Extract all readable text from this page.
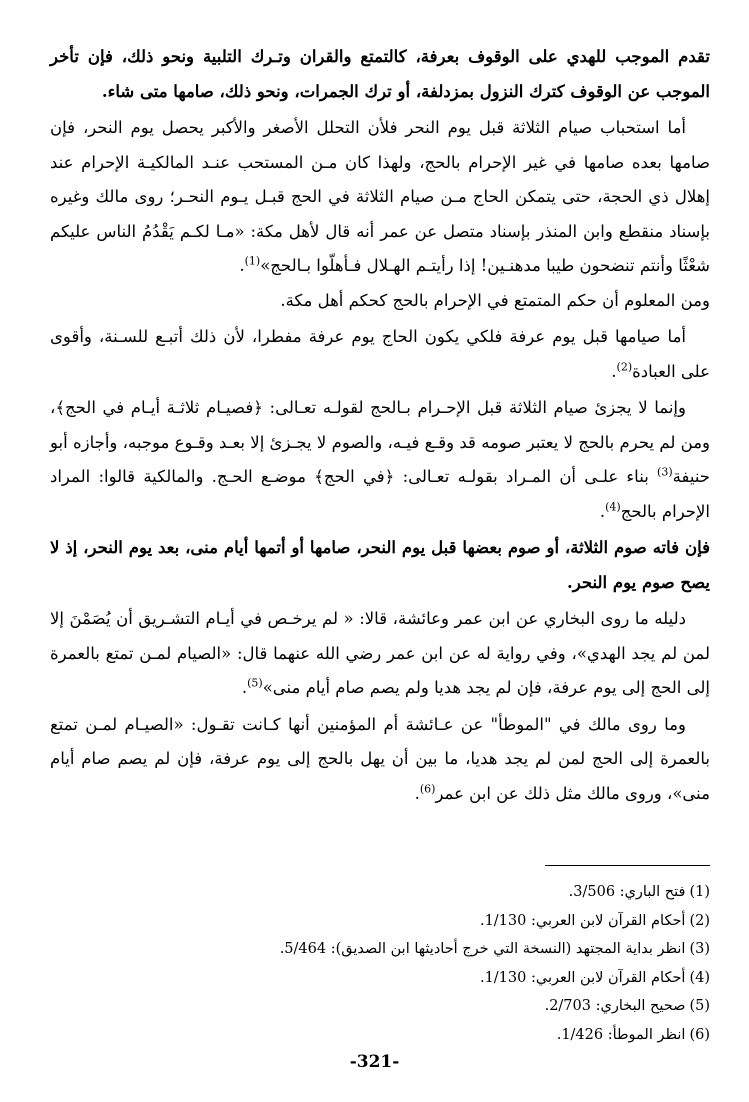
تقدم الموجب للهدي على الوقوف بعرفة، كالتمتع والقران وتـرك التلبية ونحو ذلك، فإن تأخر الموجب عن الوقوف كترك النزول بمزدلفة، أو ترك الجمرات، ونحو ذلك، صامها متى شاء.

أما استحباب صيام الثلاثة قبل يوم النحر فلأن التحلل الأصغر والأكبر يحصل يوم النحر، فإن صامها بعده صامها في غير الإحرام بالحج، ولهذا كان مـن المستحب عنـد المالكيـة الإحرام عند إهلال ذي الحجة، حتى يتمكن الحاج مـن صيام الثلاثة في الحج قبـل يـوم النحـر؛ روى مالك وغيره بإسناد منقطع وابن المنذر بإسناد متصل عن عمر أنه قال لأهل مكة: «مـا لكـم يَقْدُمُ الناس عليكم شعْثًا وأنتم تنضحون طيبا مدهنـين! إذا رأيتـم الهـلال فـأهلّوا بـالحج»$^{(1)}$.
ومن المعلوم أن حكم المتمتع في الإحرام بالحج كحكم أهل مكة.

أما صيامها قبل يوم عرفة فلكي يكون الحاج يوم عرفة مفطرا، لأن ذلك أتبـع للسـنة، وأقوى على العبادة$^{(2)}$.

وإنما لا يجزئ صيام الثلاثة قبل الإحـرام بـالحج لقولـه تعـالى: ﴿فصيـام ثلاثـة أيـام في الحج﴾، ومن لم يحرم بالحج لا يعتبر صومه قد وقـع فيـه، والصوم لا يجـزئ إلا بعـد وقـوع موجبه، وأجازه أبو حنيفة$^{(3)}$ بناء علـى أن المـراد بقولـه تعـالى: ﴿في الحج﴾ موضـع الحـج. والمالكية قالوا: المراد الإحرام بالحج$^{(4)}$.

فإن فاته صوم الثلاثة، أو صوم بعضها قبل يوم النحر، صامها أو أتمها أيام منى، بعد يوم النحر، إذ لا يصح صوم يوم النحر.

دليله ما روى البخاري عن ابن عمر وعائشة، قالا: « لم يرخـص في أيـام التشـريق أن يُصَمْنَ إلا لمن لم يجد الهدي»، وفي رواية له عن ابن عمر رضي الله عنهما قال: «الصيام لمـن تمتع بالعمرة إلى الحج إلى يوم عرفة، فإن لم يجد هديا ولم يصم صام أيام منى»$^{(5)}$.

وما روى مالك في "الموطأ" عن عـائشة أم المؤمنين أنها كـانت تقـول: «الصيـام لمـن تمتع بالعمرة إلى الحج لمن لم يجد هديا، ما بين أن يهل بالحج إلى يوم عرفة، فإن لم يصم صام أيام منى»، وروى مالك مثل ذلك عن ابن عمر$^{(6)}$.

(1)فتح الباري: 3/506.
(2)أحكام القرآن لابن العربي: 1/130.
(3)انظر بداية المجتهد (النسخة التي خرج أحاديثها ابن الصديق): 5/464.
(4)أحكام القرآن لابن العربي: 1/130.
(5)صحيح البخاري: 2/703.
(6)انظر الموطأ: 1/426.
-321-
